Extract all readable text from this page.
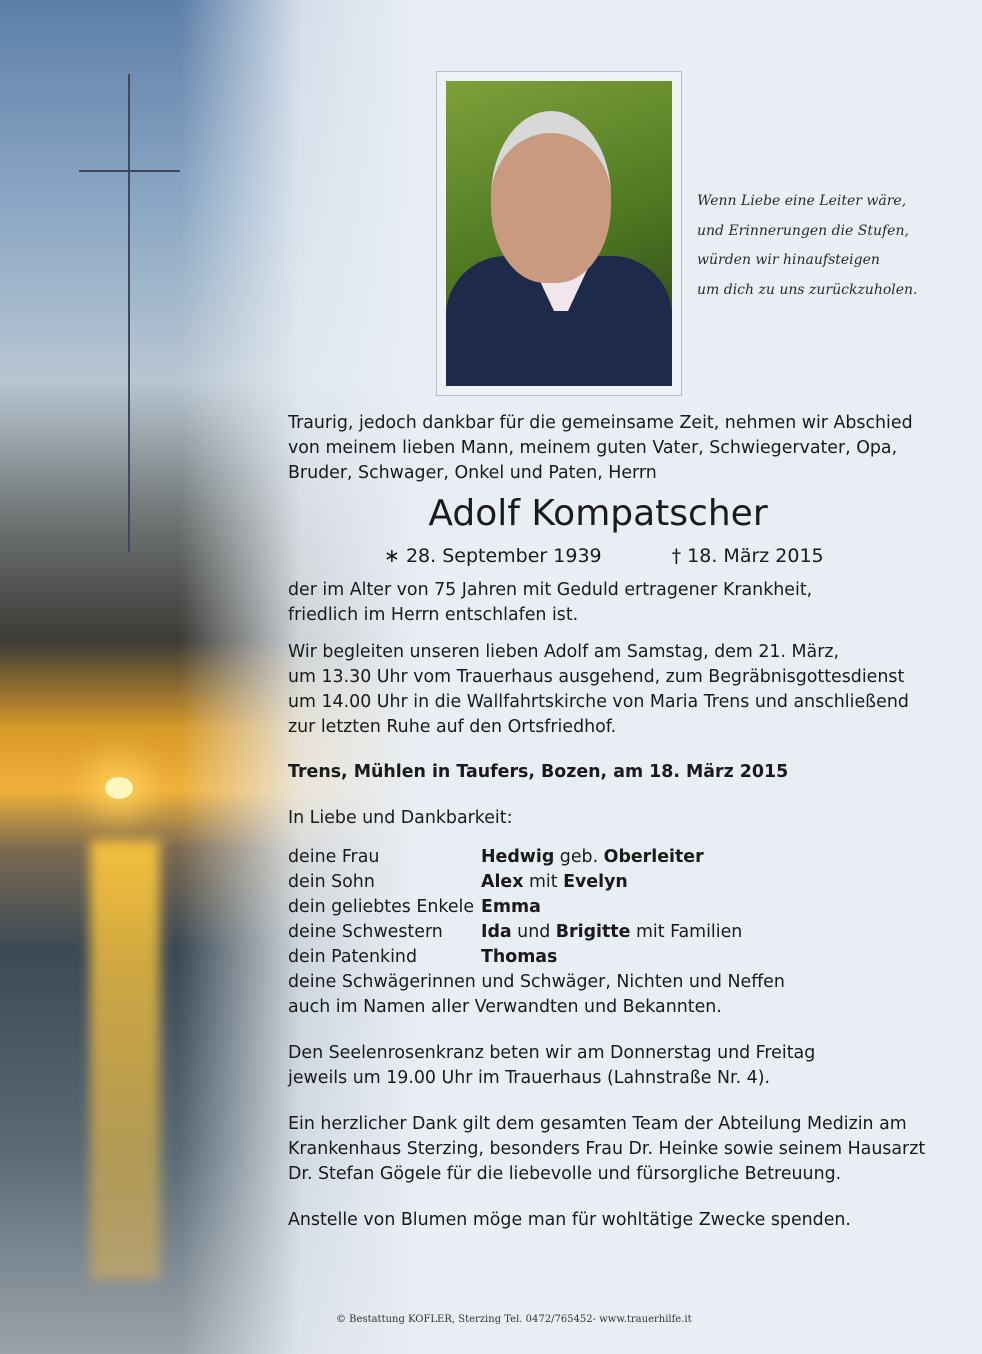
Wenn Liebe eine Leiter wäre,
und Erinnerungen die Stufen,
würden wir hinaufsteigen
um dich zu uns zurückzuholen.

Traurig, jedoch dankbar für die gemeinsame Zeit, nehmen wir Abschied
von meinem lieben Mann, meinem guten Vater, Schwiegervater, Opa,
Bruder, Schwager, Onkel und Paten, Herrn

Adolf Kompatscher
∗ 28. September 1939	† 18. März 2015

der im Alter von 75 Jahren mit Geduld ertragener Krankheit,
friedlich im Herrn entschlafen ist.

Wir begleiten unseren lieben Adolf am Samstag, dem 21. März,
um 13.30 Uhr vom Trauerhaus ausgehend, zum Begräbnisgottesdienst
um 14.00 Uhr in die Wallfahrtskirche von Maria Trens und anschließend
zur letzten Ruhe auf den Ortsfriedhof.

Trens, Mühlen in Taufers, Bozen, am 18. März 2015

In Liebe und Dankbarkeit:

deine Frau	Hedwig geb. Oberleiter
dein Sohn	Alex mit Evelyn
dein geliebtes Enkele	Emma
deine Schwestern	Ida und Brigitte mit Familien
dein Patenkind	Thomas

deine Schwägerinnen und Schwäger, Nichten und Neffen
auch im Namen aller Verwandten und Bekannten.

Den Seelenrosenkranz beten wir am Donnerstag und Freitag
jeweils um 19.00 Uhr im Trauerhaus (Lahnstraße Nr. 4).

Ein herzlicher Dank gilt dem gesamten Team der Abteilung Medizin am
Krankenhaus Sterzing, besonders Frau Dr. Heinke sowie seinem Hausarzt
Dr. Stefan Gögele für die liebevolle und fürsorgliche Betreuung.

Anstelle von Blumen möge man für wohltätige Zwecke spenden.

© Bestattung KOFLER, Sterzing Tel. 0472/765452- www.trauerhilfe.it
